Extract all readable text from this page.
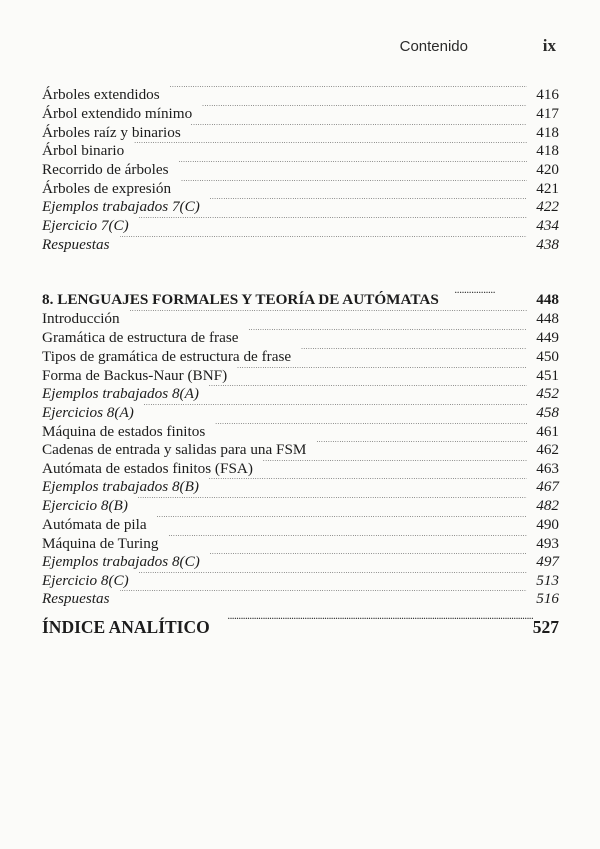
Contenido	ix
Árboles extendidos . . .	416
Árbol extendido mínimo . . .	417
Árboles raíz y binarios . . .	418
Árbol binario . . .	418
Recorrido de árboles . . .	420
Árboles de expresión . . .	421
Ejemplos trabajados 7(C) . . .	422
Ejercicio 7(C) . . .	434
Respuestas . . .	438
8. LENGUAJES FORMALES Y TEORÍA DE AUTÓMATAS . . .	448
Introducción . . .	448
Gramática de estructura de frase . . .	449
Tipos de gramática de estructura de frase . . .	450
Forma de Backus-Naur (BNF) . . .	451
Ejemplos trabajados 8(A) . . .	452
Ejercicios 8(A) . . .	458
Máquina de estados finitos . . .	461
Cadenas de entrada y salidas para una FSM . . .	462
Autómata de estados finitos (FSA) . . .	463
Ejemplos trabajados 8(B) . . .	467
Ejercicio 8(B) . . .	482
Autómata de pila . . .	490
Máquina de Turing . . .	493
Ejemplos trabajados 8(C) . . .	497
Ejercicio 8(C) . . .	513
Respuestas . . .	516
ÍNDICE ANALÍTICO . . .	527
